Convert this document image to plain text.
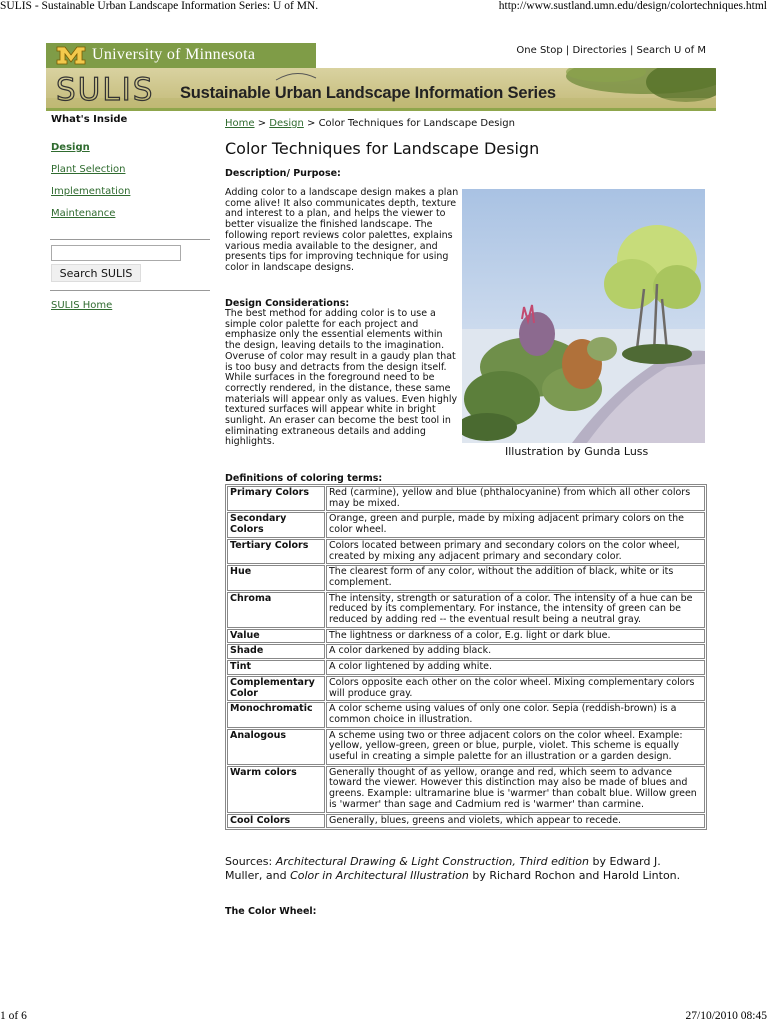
SULIS - Sustainable Urban Landscape Information Series: U of MN.	http://www.sustland.umn.edu/design/colortechniques.html
University of Minnesota	One Stop | Directories | Search U of M
SULIS Sustainable Urban Landscape Information Series
What's Inside
Design
Plant Selection
Implementation
Maintenance
Search SULIS
SULIS Home
Home > Design > Color Techniques for Landscape Design
Color Techniques for Landscape Design
Description/ Purpose:

Adding color to a landscape design makes a plan come alive! It also communicates depth, texture and interest to a plan, and helps the viewer to better visualize the finished landscape. The following report reviews color palettes, explains various media available to the designer, and presents tips for improving technique for using color in landscape designs.

Design Considerations:

The best method for adding color is to use a simple color palette for each project and emphasize only the essential elements within the design, leaving details to the imagination. Overuse of color may result in a gaudy plan that is too busy and detracts from the design itself. While surfaces in the foreground need to be correctly rendered, in the distance, these same materials will appear only as values. Even highly textured surfaces will appear white in bright sunlight. An eraser can become the best tool in eliminating extraneous details and adding highlights.

Illustration by Gunda Luss
Definitions of coloring terms:
Primary Colors	Red (carmine), yellow and blue (phthalocyanine) from which all other colors may be mixed.
Secondary Colors	Orange, green and purple, made by mixing adjacent primary colors on the color wheel.
Tertiary Colors	Colors located between primary and secondary colors on the color wheel, created by mixing any adjacent primary and secondary color.
Hue	The clearest form of any color, without the addition of black, white or its complement.
Chroma	The intensity, strength or saturation of a color. The intensity of a hue can be reduced by its complementary. For instance, the intensity of green can be reduced by adding red -- the eventual result being a neutral gray.
Value	The lightness or darkness of a color, E.g. light or dark blue.
Shade	A color darkened by adding black.
Tint	A color lightened by adding white.
Complementary Color	Colors opposite each other on the color wheel. Mixing complementary colors will produce gray.
Monochromatic	A color scheme using values of only one color. Sepia (reddish-brown) is a common choice in illustration.
Analogous	A scheme using two or three adjacent colors on the color wheel. Example: yellow, yellow-green, green or blue, purple, violet. This scheme is equally useful in creating a simple palette for an illustration or a garden design.
Warm colors	Generally thought of as yellow, orange and red, which seem to advance toward the viewer. However this distinction may also be made of blues and greens. Example: ultramarine blue is 'warmer' than cobalt blue. Willow green is 'warmer' than sage and Cadmium red is 'warmer' than carmine.
Cool Colors	Generally, blues, greens and violets, which appear to recede.

Sources: Architectural Drawing & Light Construction, Third edition by Edward J. Muller, and Color in Architectural Illustration by Richard Rochon and Harold Linton.

The Color Wheel:
1 of 6	27/10/2010 08:45
